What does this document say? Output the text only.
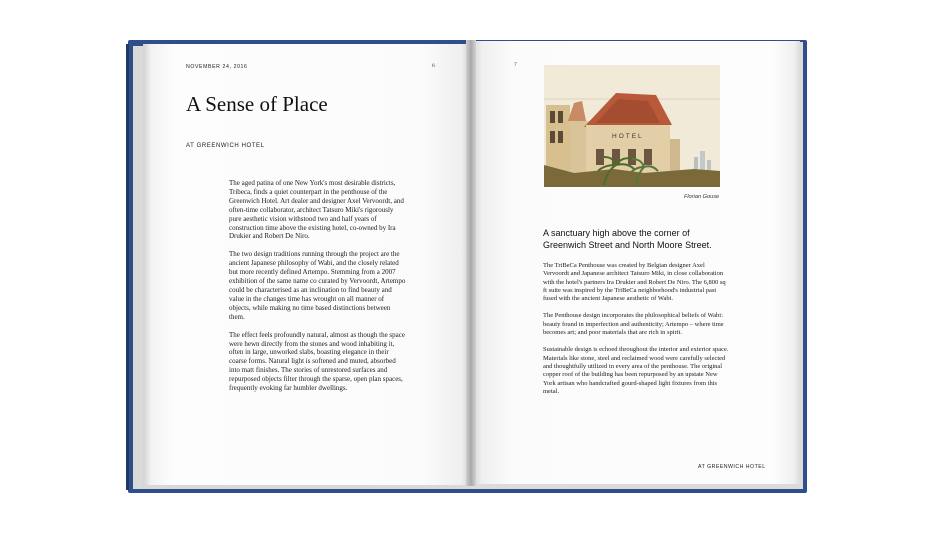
NOVEMBER 24, 2016	6
A Sense of Place
AT GREENWICH HOTEL

The aged patina of one New York's most desirable districts, Tribeca, finds a quiet counterpart in the penthouse of the Greenwich Hotel. Art dealer and designer Axel Vervoordt, and often-time collaborator, architect Tatsuro Miki's rigorously pure aesthetic vision withstood two and half years of construction time above the existing hotel, co-owned by Ira Drukier and Robert De Niro.

The two design traditions running through the project are the ancient Japanese philosophy of Wabi, and the closely related but more recently defined Artempo. Stemming from a 2007 exhibition of the same name co curated by Vervoordt, Artempo could be characterised as an inclination to find beauty and value in the changes time has wrought on all manner of objects, while making no time based distinctions between them.

The effect feels profoundly natural, almost as though the space were hewn directly from the stones and wood inhabiting it, often in large, unworked slabs, boasting elegance in their coarse forms. Natural light is softened and muted, absorbed into matt finishes. The stories of unrestored surfaces and repurposed objects filter through the sparse, open plan spaces, frequently evoking far humbler dwellings.

7
HOTEL
Florian Gouse
A sanctuary high above the corner of Greenwich Street and North Moore Street.

The TriBeCa Penthouse was created by Belgian designer Axel Vervoordt and Japanese architect Tatsuro Miki, in close collaboration with the hotel's partners Ira Drukier and Robert De Niro. The 6,800 sq ft suite was inspired by the TriBeCa neighborhood's industrial past fused with the ancient Japanese aesthetic of Wabi.

The Penthouse design incorporates the philosophical beliefs of Wabi: beauty found in imperfection and authenticity; Artempo – where time becomes art; and poor materials that are rich in spirit.

Sustainable design is echoed throughout the interior and exterior space. Materials like stone, steel and reclaimed wood were carefully selected and thoughtfully utilized in every area of the penthouse. The original copper roof of the building has been repurposed by an upstate New York artisan who handcrafted gourd-shaped light fixtures from this metal.

AT GREENWICH HOTEL
